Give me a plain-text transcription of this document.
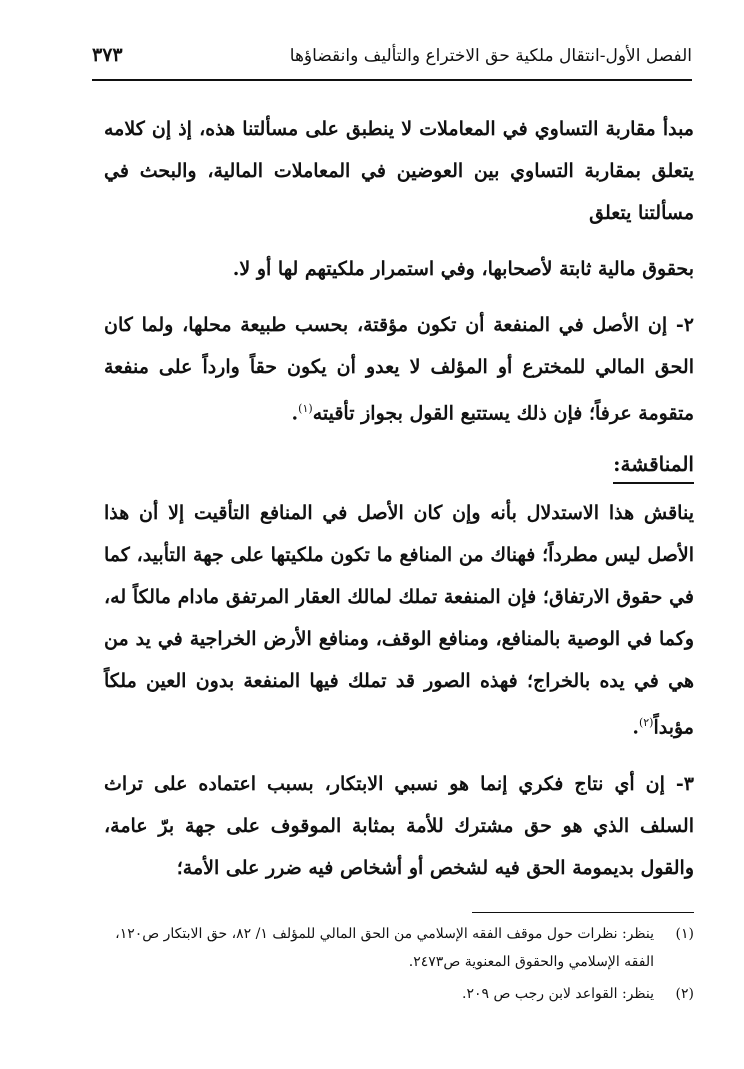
الفصل الأول-انتقال ملكية حق الاختراع والتأليف وانقضاؤها
٣٧٣

مبدأ مقاربة التساوي في المعاملات لا ينطبق على مسألتنا هذه، إذ إن كلامه يتعلق بمقاربة التساوي بين العوضين في المعاملات المالية، والبحث في مسألتنا يتعلق

بحقوق مالية ثابتة لأصحابها، وفي استمرار ملكيتهم لها أو لا.

٢- إن الأصل في المنفعة أن تكون مؤقتة، بحسب طبيعة محلها، ولما كان الحق المالي للمخترع أو المؤلف لا يعدو أن يكون حقاً وارداً على منفعة متقومة عرفاً؛ فإن ذلك يستتبع القول بجواز تأقيته$^{(١)}$.

المناقشة:

يناقش هذا الاستدلال بأنه وإن كان الأصل في المنافع التأقيت إلا أن هذا الأصل ليس مطرداً؛ فهناك من المنافع ما تكون ملكيتها على جهة التأبيد، كما في حقوق الارتفاق؛ فإن المنفعة تملك لمالك العقار المرتفق مادام مالكاً له، وكما في الوصية بالمنافع، ومنافع الوقف، ومنافع الأرض الخراجية في يد من هي في يده بالخراج؛ فهذه الصور قد تملك فيها المنفعة بدون العين ملكاً مؤبداً$^{(٢)}$.

٣- إن أي نتاج فكري إنما هو نسبي الابتكار، بسبب اعتماده على تراث السلف الذي هو حق مشترك للأمة بمثابة الموقوف على جهة برّ عامة، والقول بديمومة الحق فيه لشخص أو أشخاص فيه ضرر على الأمة؛

(١)
ينظر: نظرات حول موقف الفقه الإسلامي من الحق المالي للمؤلف ١/ ٨٢، حق الابتكار ص١٢٠، الفقه الإسلامي والحقوق المعنوية ص٢٤٧٣.
(٢)
ينظر: القواعد لابن رجب ص ٢٠٩.
